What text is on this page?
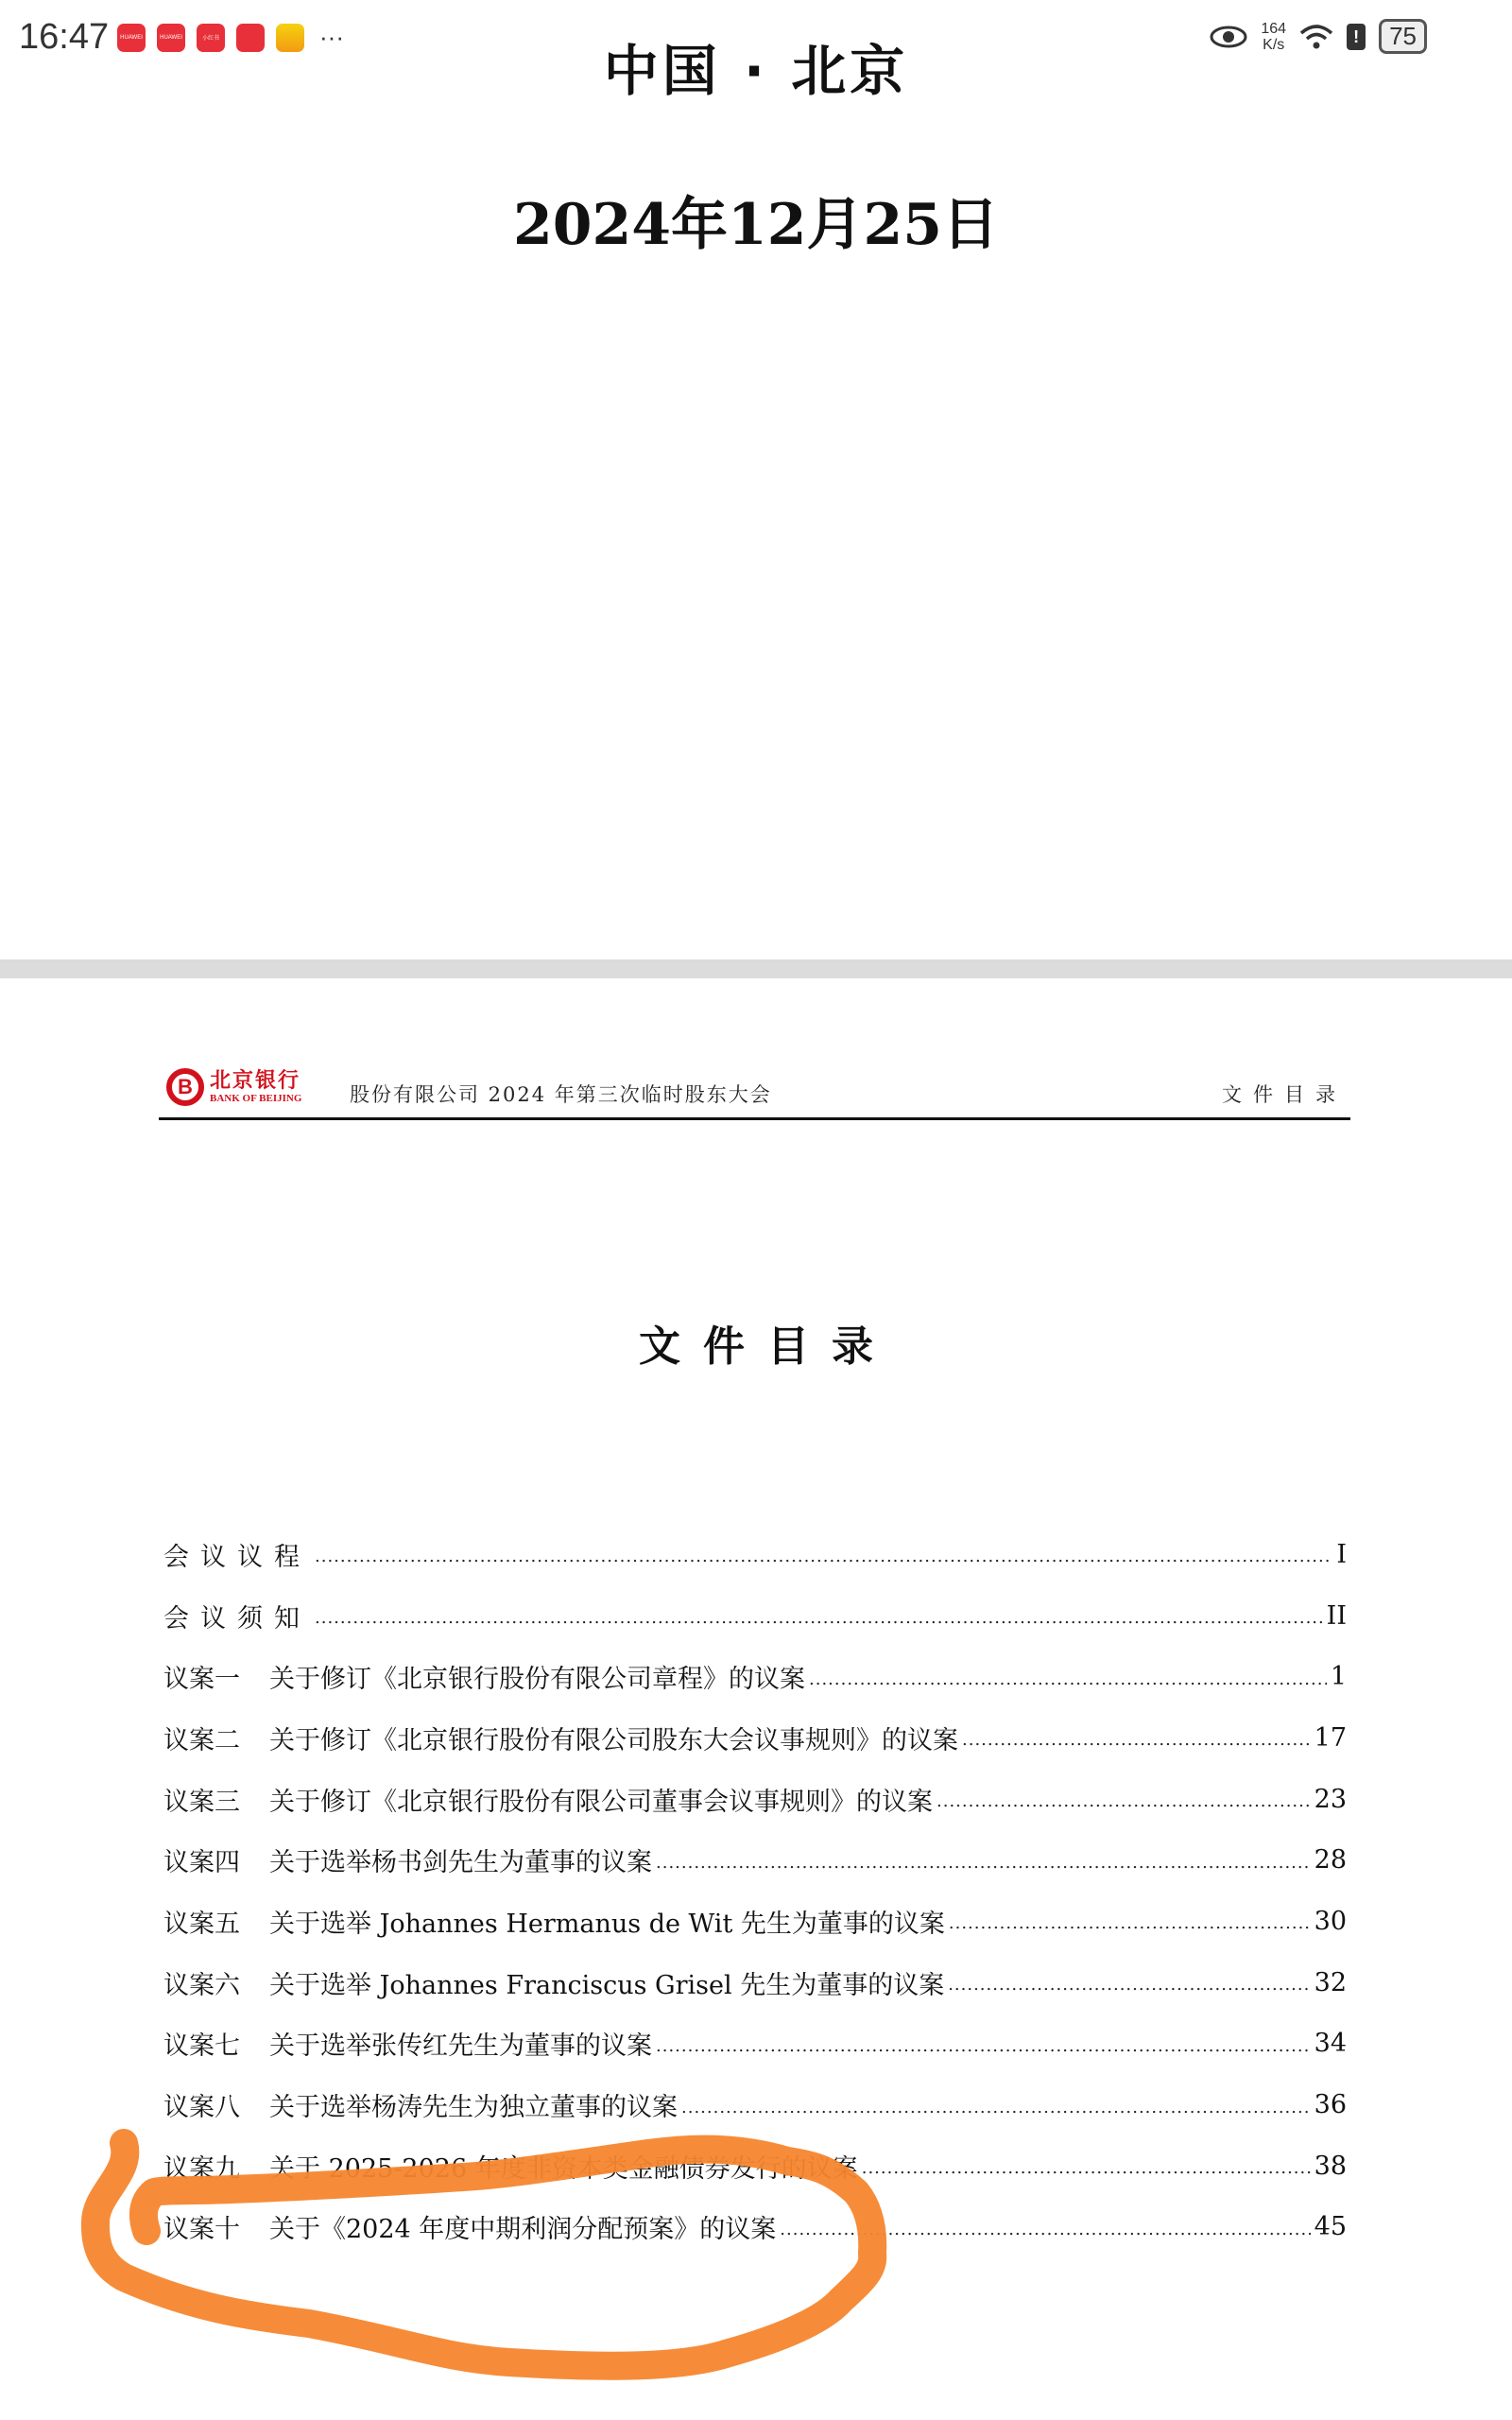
16:47	HUAWEI	HUAWEI	小红书	···	164
K/s	!	75
中国 · 北京
2024年12月25日
B 北京银行
BANK OF BEIJING 股份有限公司 2024 年第三次临时股东大会	文件目录
文件目录
会议议程 .....	I
会议须知 .....	II
议案一 关于修订《北京银行股份有限公司章程》的议案 .....	1
议案二 关于修订《北京银行股份有限公司股东大会议事规则》的议案 .....	17
议案三 关于修订《北京银行股份有限公司董事会议事规则》的议案 .....	23
议案四 关于选举杨书剑先生为董事的议案 .....	28
议案五 关于选举 Johannes Hermanus de Wit 先生为董事的议案 .....	30
议案六 关于选举 Johannes Franciscus Grisel 先生为董事的议案 .....	32
议案七 关于选举张传红先生为董事的议案 .....	34
议案八 关于选举杨涛先生为独立董事的议案 .....	36
议案九 关于 2025-2026 年度非资本类金融债券发行的议案 .....	38
议案十 关于《2024 年度中期利润分配预案》的议案 .....	45
